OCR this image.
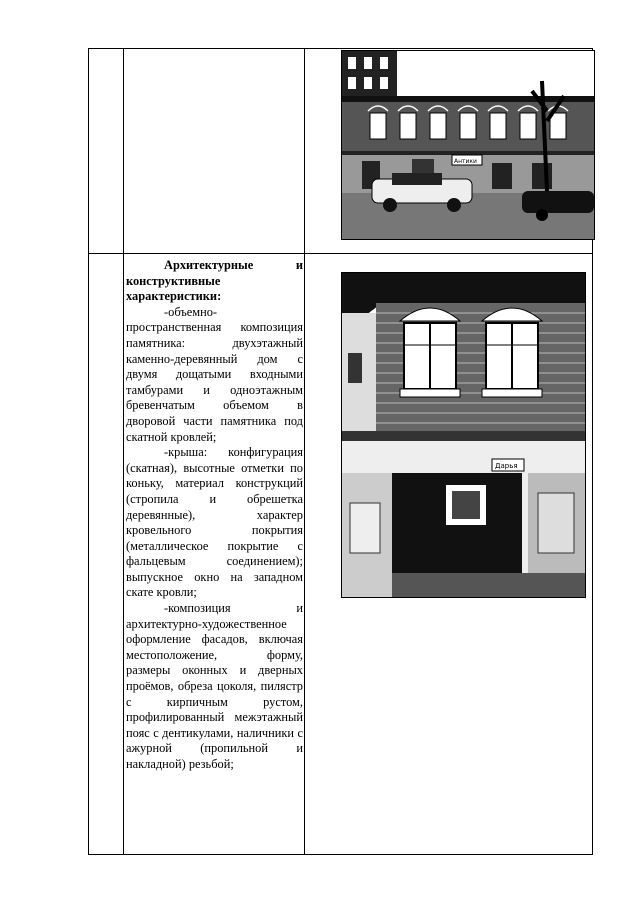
Антики

Архитектурные и конструктивные характеристики:

-объемно-пространственная композиция памятника: двухэтажный каменно-деревянный дом с двумя дощатыми входными тамбурами и одноэтажным бревенчатым объемом в дворовой части памятника под скатной кровлей;

-крыша: конфигурация (скатная), высотные отметки по коньку, материал конструкций (стропила и обрешетка деревянные), характер кровельного покрытия (металлическое покрытие с фальцевым соединением); выпускное окно на западном скате кровли;

-композиция и архитектурно-художественное оформление фасадов, включая местоположение, форму, размеры оконных и дверных проёмов, обреза цоколя, пилястр с кирпичным рустом, профилированный межэтажный пояс с дентикулами, наличники с ажурной (пропильной и накладной) резьбой;

Дарья
